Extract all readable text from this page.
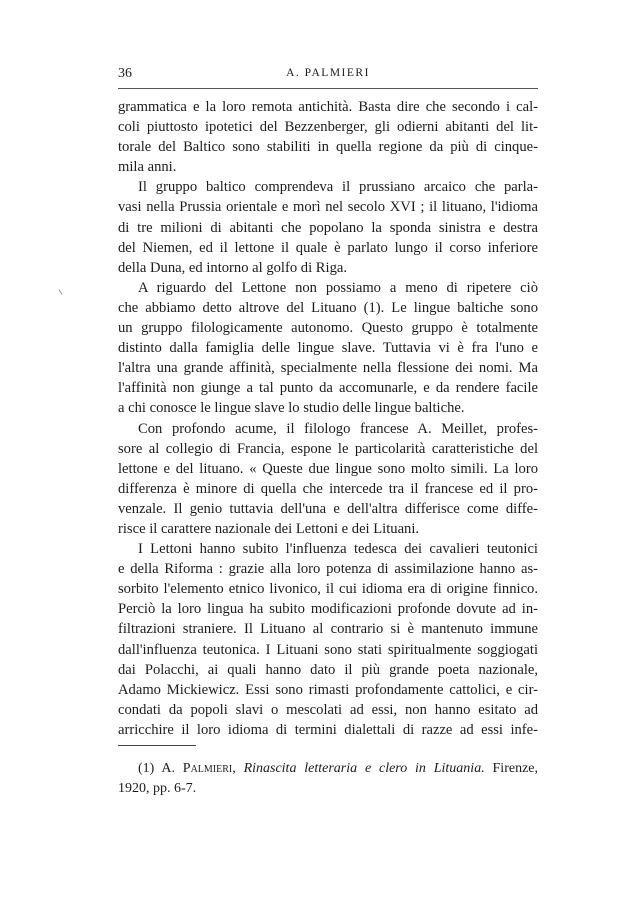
36	A. PALMIERI
grammatica e la loro remota antichità. Basta dire che secondo i cal-
coli piuttosto ipotetici del Bezzenberger, gli odierni abitanti del lit-
torale del Baltico sono stabiliti in quella regione da più di cinque-
mila anni.
Il gruppo baltico comprendeva il prussiano arcaico che parla-
vasi nella Prussia orientale e morì nel secolo XVI ; il lituano, l'idioma
di tre milioni di abitanti che popolano la sponda sinistra e destra
del Niemen, ed il lettone il quale è parlato lungo il corso inferiore
della Duna, ed intorno al golfo di Riga.
A riguardo del Lettone non possiamo a meno di ripetere ciò
che abbiamo detto altrove del Lituano (1). Le lingue baltiche sono
un gruppo filologicamente autonomo. Questo gruppo è totalmente
distinto dalla famiglia delle lingue slave. Tuttavia vi è fra l'uno e
l'altra una grande affinità, specialmente nella flessione dei nomi. Ma
l'affinità non giunge a tal punto da accomunarle, e da rendere facile
a chi conosce le lingue slave lo studio delle lingue baltiche.
Con profondo acume, il filologo francese A. Meillet, profes-
sore al collegio di Francia, espone le particolarità caratteristiche del
lettone e del lituano. « Queste due lingue sono molto simili. La loro
differenza è minore di quella che intercede tra il francese ed il pro-
venzale. Il genio tuttavia dell'una e dell'altra differisce come diffe-
risce il carattere nazionale dei Lettoni e dei Lituani.
I Lettoni hanno subito l'influenza tedesca dei cavalieri teutonici
e della Riforma : grazie alla loro potenza di assimilazione hanno as-
sorbito l'elemento etnico livonico, il cui idioma era di origine finnico.
Perciò la loro lingua ha subito modificazioni profonde dovute ad in-
filtrazioni straniere. Il Lituano al contrario si è mantenuto immune
dall'influenza teutonica. I Lituani sono stati spiritualmente soggiogati
dai Polacchi, ai quali hanno dato il più grande poeta nazionale,
Adamo Mickiewicz. Essi sono rimasti profondamente cattolici, e cir-
condati da popoli slavi o mescolati ad essi, non hanno esitato ad
arricchire il loro idioma di termini dialettali di razze ad essi infe-
(1) A. Palmieri, Rinascita letteraria e clero in Lituania. Firenze,
1920, pp. 6-7.
